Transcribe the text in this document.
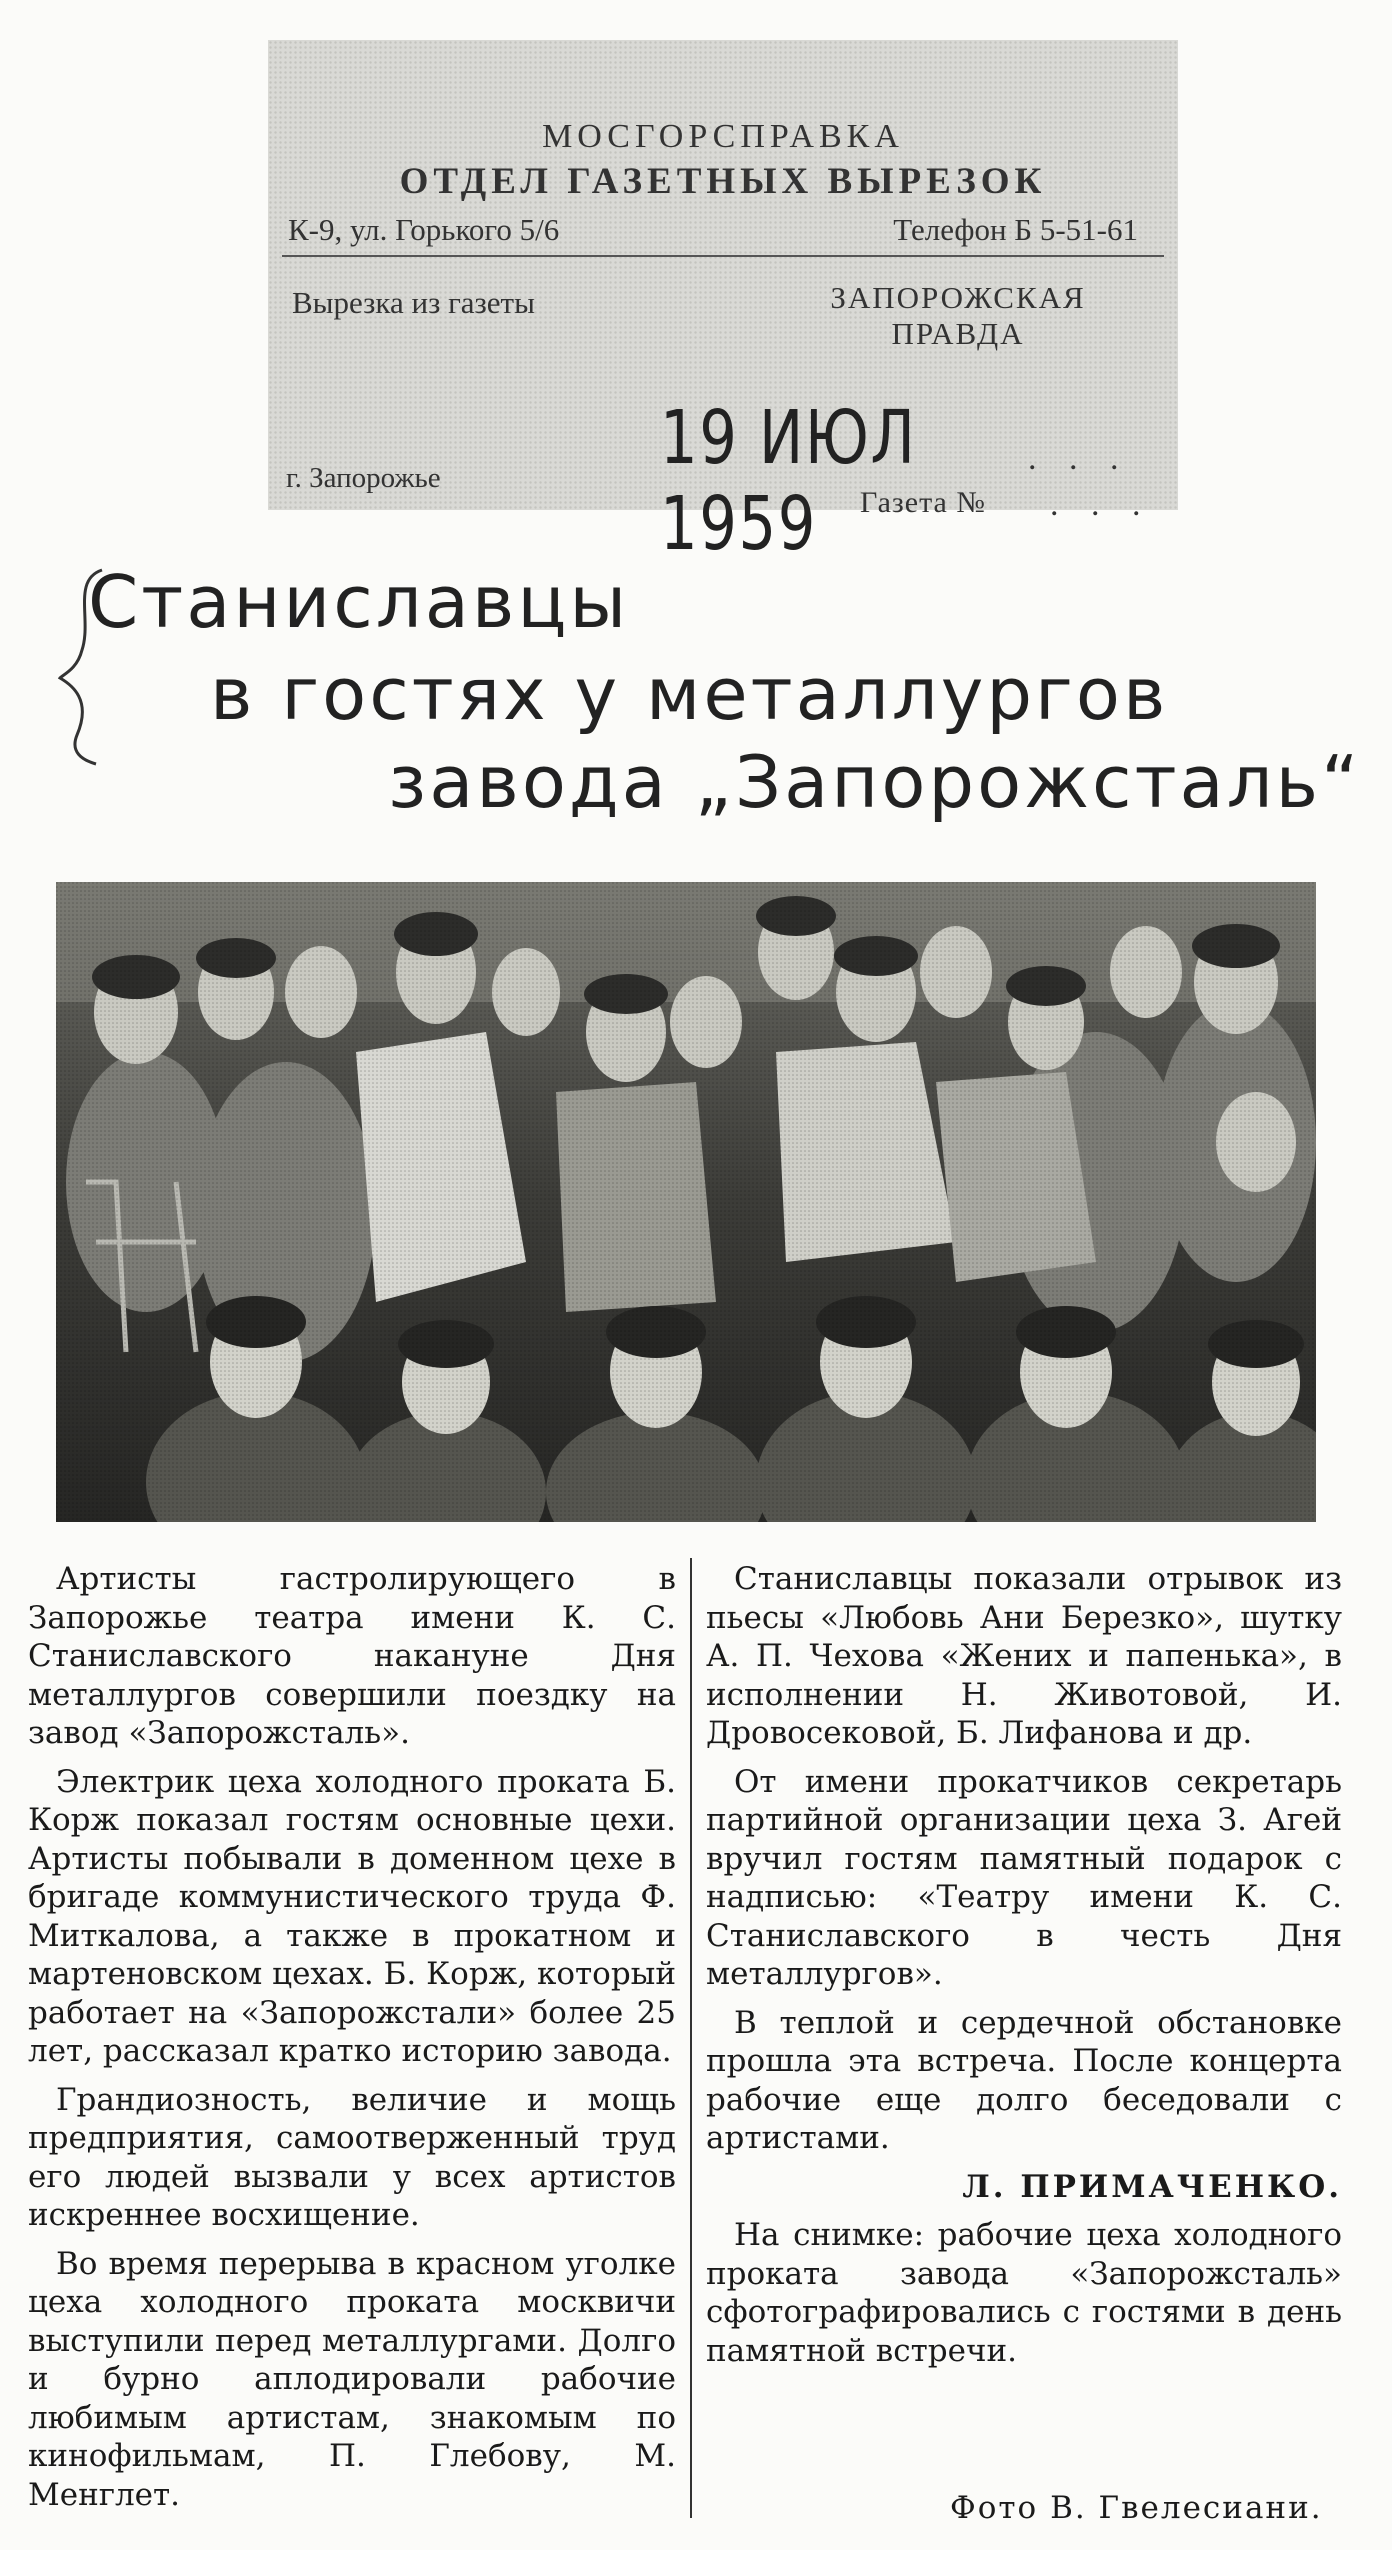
МОСГОРСПРАВКА
ОТДЕЛ ГАЗЕТНЫХ ВЫРЕЗОК
К-9, ул. Горького 5/6	Телефон Б 5-51-61
Вырезка из газеты	ЗАПОРОЖСКАЯ ПРАВДА
19 ИЮЛ 1959
г. Запорожье
. . .
Газета № . . .
Станиславцы
в гостях у металлургов
завода „Запорожсталь“

Артисты гастролирующего в Запорожье театра имени К. С. Станиславского накануне Дня металлургов совершили поездку на завод «Запорожсталь».

Электрик цеха холодного проката Б. Корж показал гостям основные цехи. Артисты побывали в доменном цехе в бригаде коммунистического труда Ф. Миткалова, а также в прокатном и мартеновском цехах. Б. Корж, который работает на «Запорожстали» более 25 лет, рассказал кратко историю завода.

Грандиозность, величие и мощь предприятия, самоотверженный труд его людей вызвали у всех артистов искреннее восхищение.

Во время перерыва в красном уголке цеха холодного проката москвичи выступили перед металлургами. Долго и бурно аплодировали рабочие любимым артистам, знакомым по кинофильмам, П. Глебову, М. Менглет.

Станиславцы показали отрывок из пьесы «Любовь Ани Березко», шутку А. П. Чехова «Жених и папенька», в исполнении Н. Животовой, И. Дровосековой, Б. Лифанова и др.

От имени прокатчиков секретарь партийной организации цеха З. Агей вручил гостям памятный подарок с надписью: «Театру имени К. С. Станиславского в честь Дня металлургов».

В теплой и сердечной обстановке прошла эта встреча. После концерта рабочие еще долго беседовали с артистами.

Л. ПРИМАЧЕНКО.

На снимке: рабочие цеха холодного проката завода «Запорожсталь» сфотографировались с гостями в день памятной встречи.

Фото В. Гвелесиани.
